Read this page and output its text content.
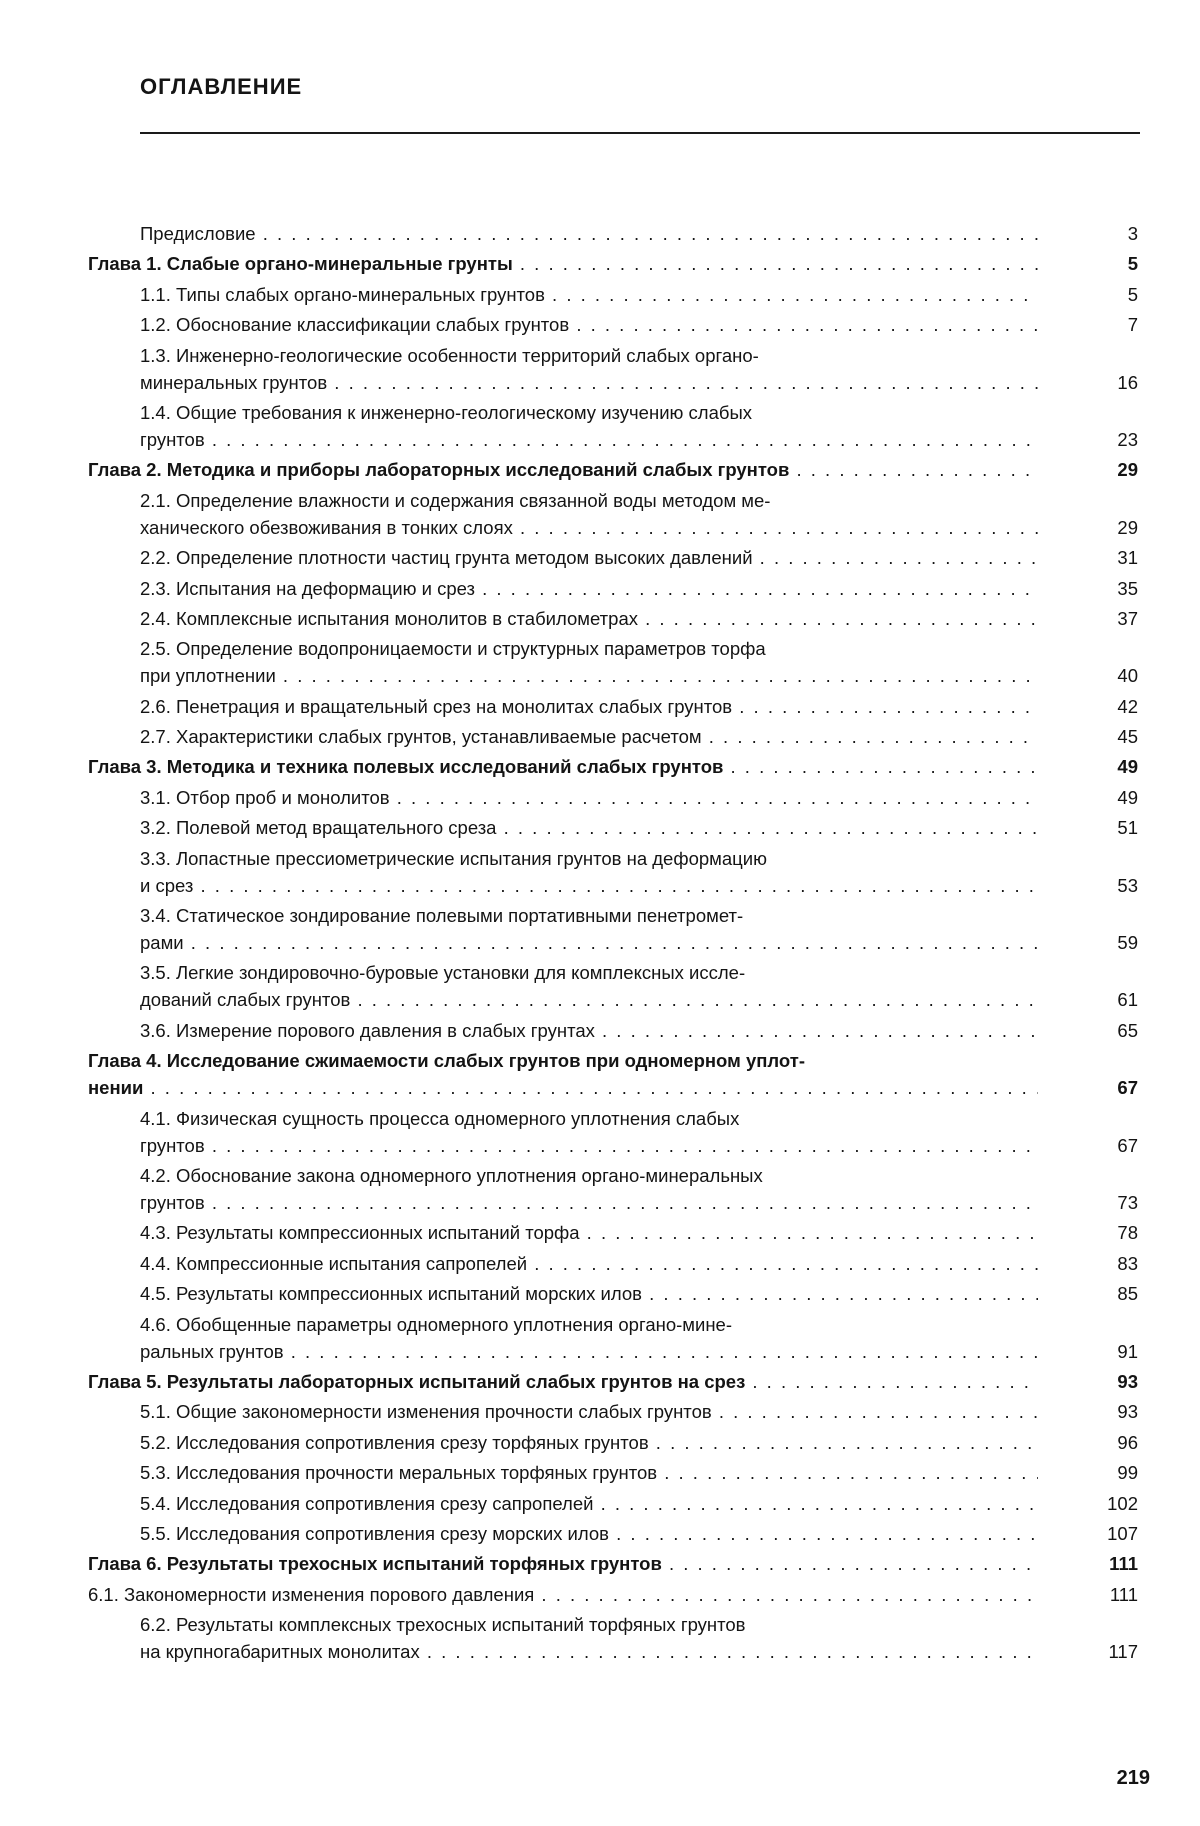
ОГЛАВЛЕНИЕ
Предисловие . . .	3
Глава 1. Слабые органо-минеральные грунты . . .	5
1.1. Типы слабых органо-минеральных грунтов . . .	5
1.2. Обоснование классификации слабых грунтов . . .	7
1.3. Инженерно-геологические особенности территорий слабых органо-
минеральных грунтов . . .	16
1.4. Общие требования к инженерно-геологическому изучению слабых
грунтов . . .	23
Глава 2. Методика и приборы лабораторных исследований слабых грунтов . . .	29
2.1. Определение влажности и содержания связанной воды методом ме-
ханического обезвоживания в тонких слоях . . .	29
2.2. Определение плотности частиц грунта методом высоких давлений . . .	31
2.3. Испытания на деформацию и срез . . .	35
2.4. Комплексные испытания монолитов в стабилометрах . . .	37
2.5. Определение водопроницаемости и структурных параметров торфа
при уплотнении . . .	40
2.6. Пенетрация и вращательный срез на монолитах слабых грунтов . . .	42
2.7. Характеристики слабых грунтов, устанавливаемые расчетом . . .	45
Глава 3. Методика и техника полевых исследований слабых грунтов . . .	49
3.1. Отбор проб и монолитов . . .	49
3.2. Полевой метод вращательного среза . . .	51
3.3. Лопастные прессиометрические испытания грунтов на деформацию
и срез . . .	53
3.4. Статическое зондирование полевыми портативными пенетромет-
рами . . .	59
3.5. Легкие зондировочно-буровые установки для комплексных иссле-
дований слабых грунтов . . .	61
3.6. Измерение порового давления в слабых грунтах . . .	65
Глава 4. Исследование сжимаемости слабых грунтов при одномерном уплот-
нении . . .	67
4.1. Физическая сущность процесса одномерного уплотнения слабых
грунтов . . .	67
4.2. Обоснование закона одномерного уплотнения органо-минеральных
грунтов . . .	73
4.3. Результаты компрессионных испытаний торфа . . .	78
4.4. Компрессионные испытания сапропелей . . .	83
4.5. Результаты компрессионных испытаний морских илов . . .	85
4.6. Обобщенные параметры одномерного уплотнения органо-мине-
ральных грунтов . . .	91
Глава 5. Результаты лабораторных испытаний слабых грунтов на срез . . .	93
5.1. Общие закономерности изменения прочности слабых грунтов . . .	93
5.2. Исследования сопротивления срезу торфяных грунтов . . .	96
5.3. Исследования прочности меральных торфяных грунтов . . .	99
5.4. Исследования сопротивления срезу сапропелей . . .	102
5.5. Исследования сопротивления срезу морских илов . . .	107
Глава 6. Результаты трехосных испытаний торфяных грунтов . . .	111
6.1. Закономерности изменения порового давления . . .	111
6.2. Результаты комплексных трехосных испытаний торфяных грунтов
на крупногабаритных монолитах . . .	117
219
